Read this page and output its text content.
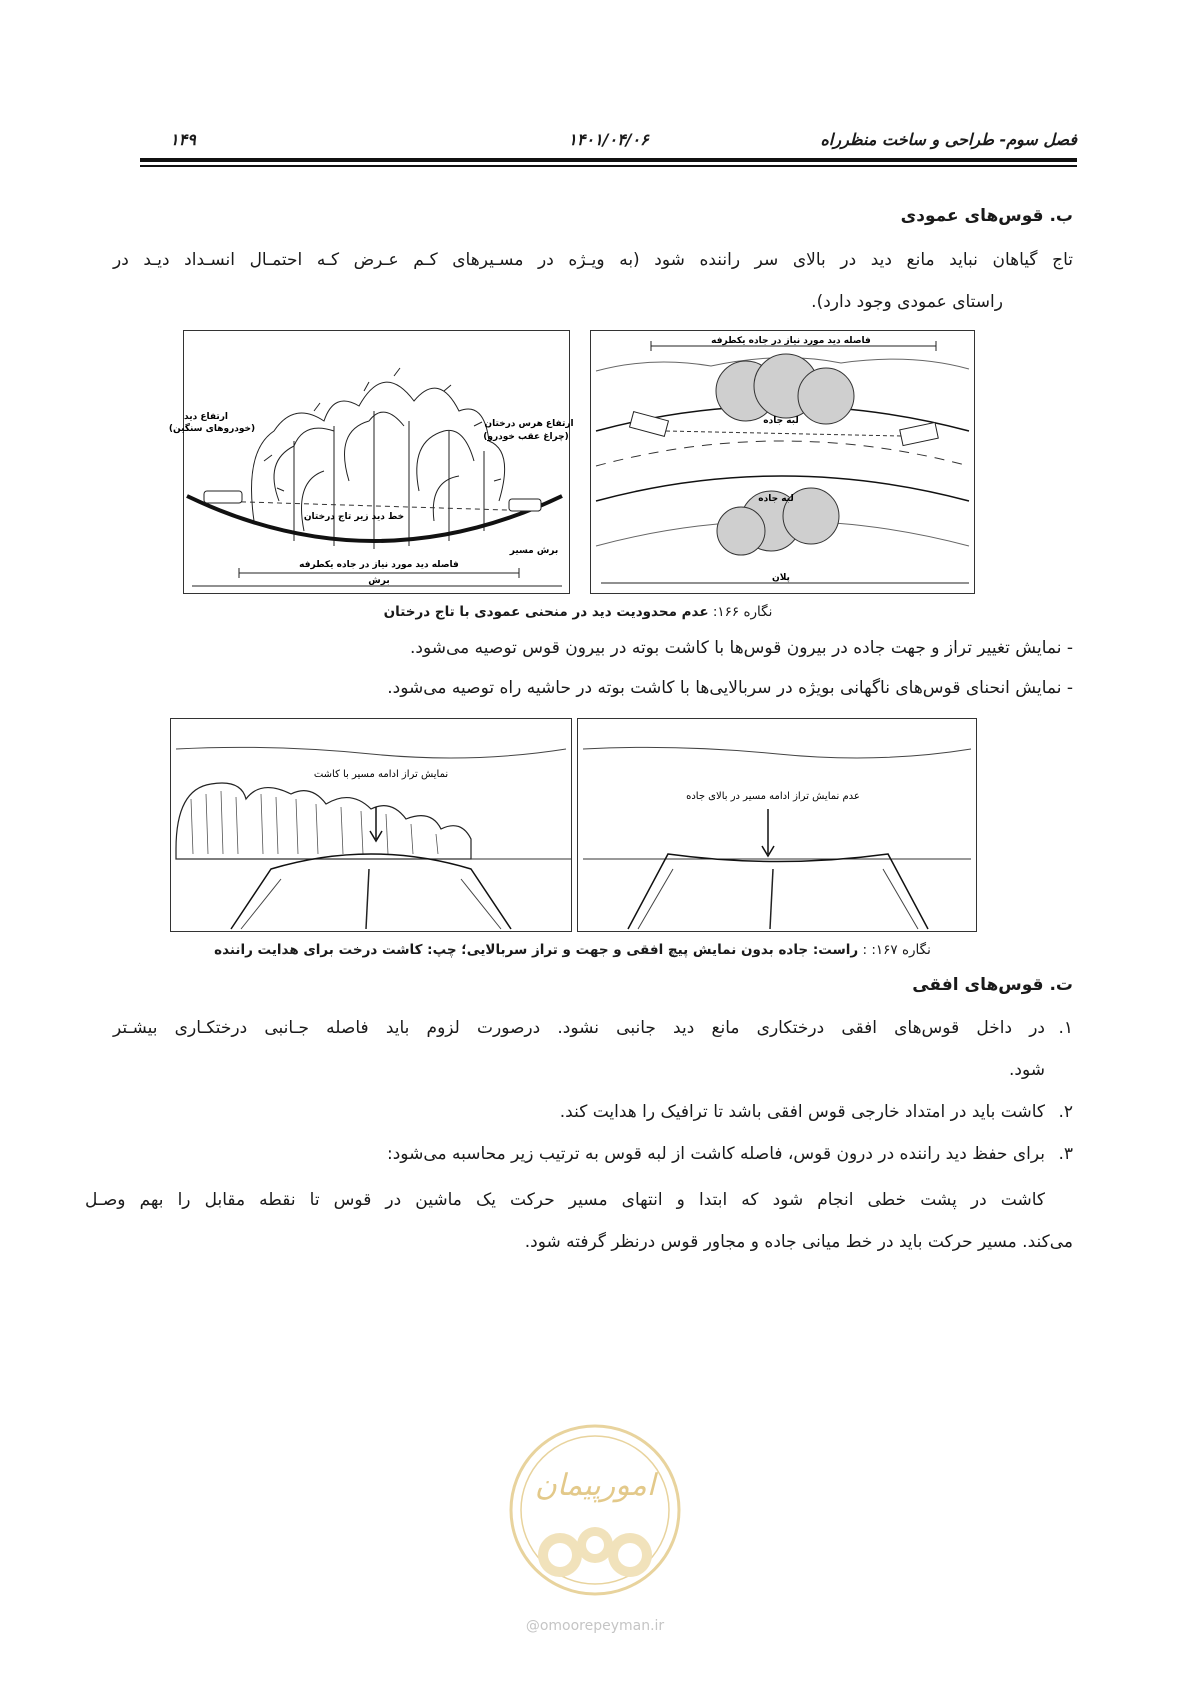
فصل سوم- طراحی و ساخت منظرراه
۱۴۰۱/۰۴/۰۶
۱۴۹
ب. قوس‌های عمودی
تاج گیاهان نباید مانع دید در بالای سر راننده شود (به ویـژه در مسـیرهای کـم عـرض کـه احتمـال انسـداد دیـد در
راستای عمودی وجود دارد).
ارتفاع دید
(خودروهای سنگین)	ارتفاع هرس درختان
(چراغ عقب خودرو)
خط دید زیر تاج درختان
برش مسیر
فاصله دید مورد نیاز در جاده یکطرفه
برش
فاصله دید مورد نیاز در جاده یکطرفه
لبه جاده
لبه جاده
پلان
نگاره ۱۶۶: عدم محدودیت دید در منحنی عمودی با تاج درختان
- نمایش تغییر تراز و جهت جاده در بیرون قوس‌ها با کاشت بوته در بیرون قوس توصیه می‌شود.
- نمایش انحنای قوس‌های ناگهانی بویژه در سربالایی‌ها با کاشت بوته در حاشیه راه توصیه می‌شود.
نمایش تراز ادامه مسیر با کاشت
عدم نمایش تراز ادامه مسیر در بالای جاده
نگاره ۱۶۷: : راست: جاده بدون نمایش پیچ افقی و جهت و تراز سربالایی؛ چپ: کاشت درخت برای هدایت راننده
ت. قوس‌های افقی
۱.در داخل قوس‌های افقی درختکاری مانع دید جانبی نشود. درصورت لزوم باید فاصله جـانبی درختکـاری بیشـتر
شود.
۲.کاشت باید در امتداد خارجی قوس افقی باشد تا ترافیک را هدایت کند.
۳.برای حفظ دید راننده در درون قوس، فاصله کاشت از لبه قوس به ترتیب زیر محاسبه می‌شود:
کاشت در پشت خطی انجام شود که ابتدا و انتهای مسیر حرکت یک ماشین در قوس تا نقطه مقابل را بهم وصـل
می‌کند. مسیر حرکت باید در خط میانی جاده و مجاور قوس درنظر گرفته شود.
امورپیمان
@omoorepeyman.ir
